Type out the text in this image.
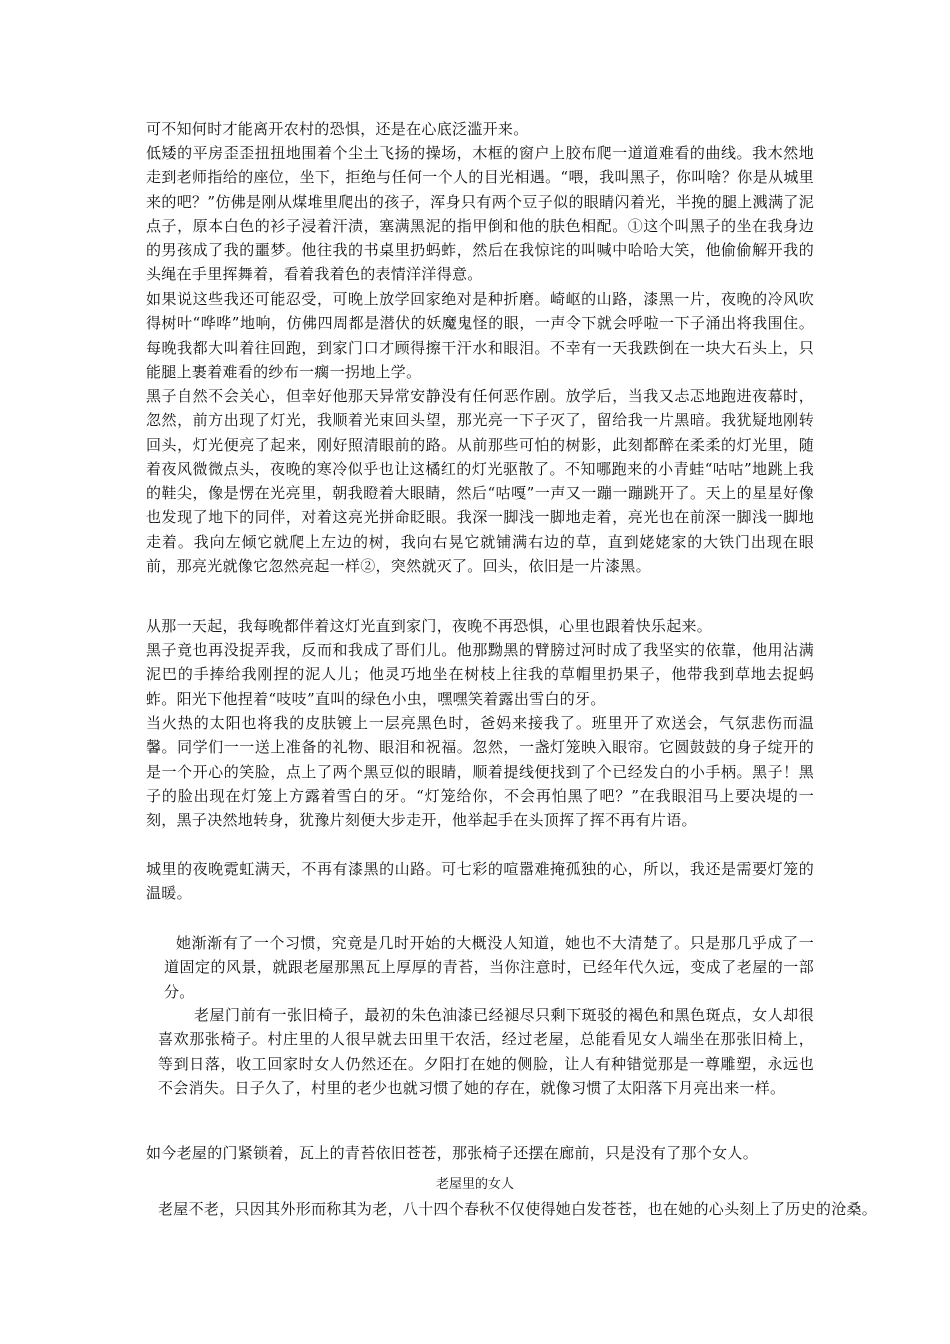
可不知何时才能离开农村的恐惧，还是在心底泛滥开来。

低矮的平房歪歪扭扭地围着个尘土飞扬的操场，木框的窗户上胶布爬一道道难看的曲线。我木然地走到老师指给的座位，坐下，拒绝与任何一个人的目光相遇。“喂，我叫黑子，你叫啥？你是从城里来的吧？”仿佛是刚从煤堆里爬出的孩子，浑身只有两个豆子似的眼睛闪着光，半挽的腿上溅满了泥点子，原本白色的衫子浸着汗渍，塞满黑泥的指甲倒和他的肤色相配。①这个叫黑子的坐在我身边的男孩成了我的噩梦。他往我的书桌里扔蚂蚱，然后在我惊诧的叫喊中哈哈大笑，他偷偷解开我的头绳在手里挥舞着，看着我着色的表情洋洋得意。

如果说这些我还可能忍受，可晚上放学回家绝对是种折磨。崎岖的山路，漆黑一片，夜晚的冷风吹得树叶“哗哗”地响，仿佛四周都是潜伏的妖魔鬼怪的眼，一声令下就会呼啦一下子涌出将我围住。每晚我都大叫着往回跑，到家门口才顾得擦干汗水和眼泪。不幸有一天我跌倒在一块大石头上，只能腿上裹着难看的纱布一瘸一拐地上学。

黑子自然不会关心，但幸好他那天异常安静没有任何恶作剧。放学后，当我又忐忑地跑进夜幕时，忽然，前方出现了灯光，我顺着光束回头望，那光亮一下子灭了，留给我一片黑暗。我犹疑地刚转回头，灯光便亮了起来，刚好照清眼前的路。从前那些可怕的树影，此刻都醉在柔柔的灯光里，随着夜风微微点头，夜晚的寒冷似乎也让这橘红的灯光驱散了。不知哪跑来的小青蛙“咕咕”地跳上我的鞋尖，像是愣在光亮里，朝我瞪着大眼睛，然后“咕嘎”一声又一蹦一蹦跳开了。天上的星星好像也发现了地下的同伴，对着这亮光拼命眨眼。我深一脚浅一脚地走着，亮光也在前深一脚浅一脚地走着。我向左倾它就爬上左边的树，我向右晃它就铺满右边的草，直到姥姥家的大铁门出现在眼前，那亮光就像它忽然亮起一样②，突然就灭了。回头，依旧是一片漆黑。

从那一天起，我每晚都伴着这灯光直到家门，夜晚不再恐惧，心里也跟着快乐起来。

黑子竟也再没捉弄我，反而和我成了哥们儿。他那黝黑的臂膀过河时成了我坚实的依靠，他用沾满泥巴的手捧给我刚捏的泥人儿；他灵巧地坐在树枝上往我的草帽里扔果子，他带我到草地去捉蚂蚱。阳光下他捏着“吱吱”直叫的绿色小虫，嘿嘿笑着露出雪白的牙。

当火热的太阳也将我的皮肤镀上一层亮黑色时，爸妈来接我了。班里开了欢送会，气氛悲伤而温馨。同学们一一送上准备的礼物、眼泪和祝福。忽然，一盏灯笼映入眼帘。它圆鼓鼓的身子绽开的是一个开心的笑脸，点上了两个黑豆似的眼睛，顺着提线便找到了个已经发白的小手柄。黑子！黑子的脸出现在灯笼上方露着雪白的牙。“灯笼给你，不会再怕黑了吧？”在我眼泪马上要决堤的一刻，黑子决然地转身，犹豫片刻便大步走开，他举起手在头顶挥了挥不再有片语。

城里的夜晚霓虹满天，不再有漆黑的山路。可七彩的喧嚣难掩孤独的心，所以，我还是需要灯笼的温暖。

她渐渐有了一个习惯，究竟是几时开始的大概没人知道，她也不大清楚了。只是那几乎成了一道固定的风景，就跟老屋那黑瓦上厚厚的青苔，当你注意时，已经年代久远，变成了老屋的一部分。

老屋门前有一张旧椅子，最初的朱色油漆已经褪尽只剩下斑驳的褐色和黑色斑点，女人却很喜欢那张椅子。村庄里的人很早就去田里干农活，经过老屋，总能看见女人端坐在那张旧椅上，等到日落，收工回家时女人仍然还在。夕阳打在她的侧脸，让人有种错觉那是一尊雕塑，永远也不会消失。日子久了，村里的老少也就习惯了她的存在，就像习惯了太阳落下月亮出来一样。

如今老屋的门紧锁着，瓦上的青苔依旧苍苍，那张椅子还摆在廊前，只是没有了那个女人。

老屋里的女人

老屋不老，只因其外形而称其为老，八十四个春秋不仅使得她白发苍苍，也在她的心头刻上了历史的沧桑。
